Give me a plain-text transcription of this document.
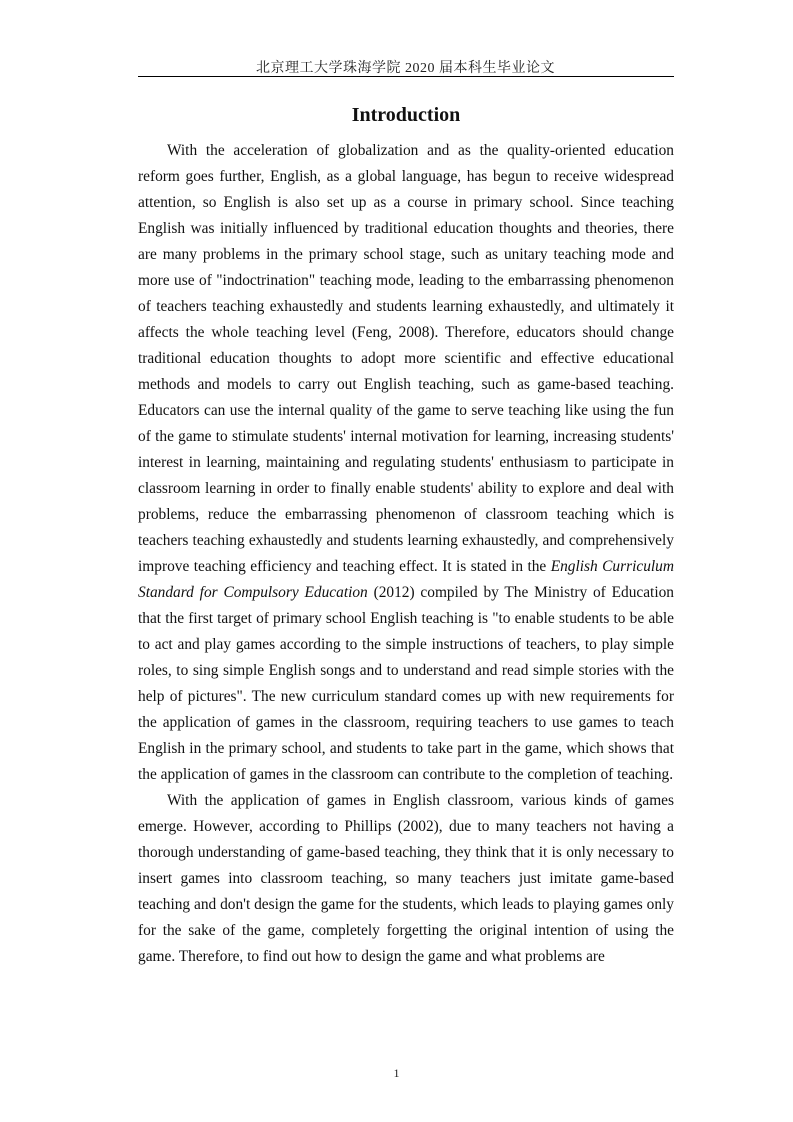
北京理工大学珠海学院 2020 届本科生毕业论文
Introduction

With the acceleration of globalization and as the quality-oriented education reform goes further, English, as a global language, has begun to receive widespread attention, so English is also set up as a course in primary school. Since teaching English was initially influenced by traditional education thoughts and theories, there are many problems in the primary school stage, such as unitary teaching mode and more use of "indoctrination" teaching mode, leading to the embarrassing phenomenon of teachers teaching exhaustedly and students learning exhaustedly, and ultimately it affects the whole teaching level (Feng, 2008). Therefore, educators should change traditional education thoughts to adopt more scientific and effective educational methods and models to carry out English teaching, such as game-based teaching. Educators can use the internal quality of the game to serve teaching like using the fun of the game to stimulate students' internal motivation for learning, increasing students' interest in learning, maintaining and regulating students' enthusiasm to participate in classroom learning in order to finally enable students' ability to explore and deal with problems, reduce the embarrassing phenomenon of classroom teaching which is teachers teaching exhaustedly and students learning exhaustedly, and comprehensively improve teaching efficiency and teaching effect. It is stated in the English Curriculum Standard for Compulsory Education (2012) compiled by The Ministry of Education that the first target of primary school English teaching is "to enable students to be able to act and play games according to the simple instructions of teachers, to play simple roles, to sing simple English songs and to understand and read simple stories with the help of pictures". The new curriculum standard comes up with new requirements for the application of games in the classroom, requiring teachers to use games to teach English in the primary school, and students to take part in the game, which shows that the application of games in the classroom can contribute to the completion of teaching.

With the application of games in English classroom, various kinds of games emerge. However, according to Phillips (2002), due to many teachers not having a thorough understanding of game-based teaching, they think that it is only necessary to insert games into classroom teaching, so many teachers just imitate game-based teaching and don't design the game for the students, which leads to playing games only for the sake of the game, completely forgetting the original intention of using the game. Therefore, to find out how to design the game and what problems are

1
